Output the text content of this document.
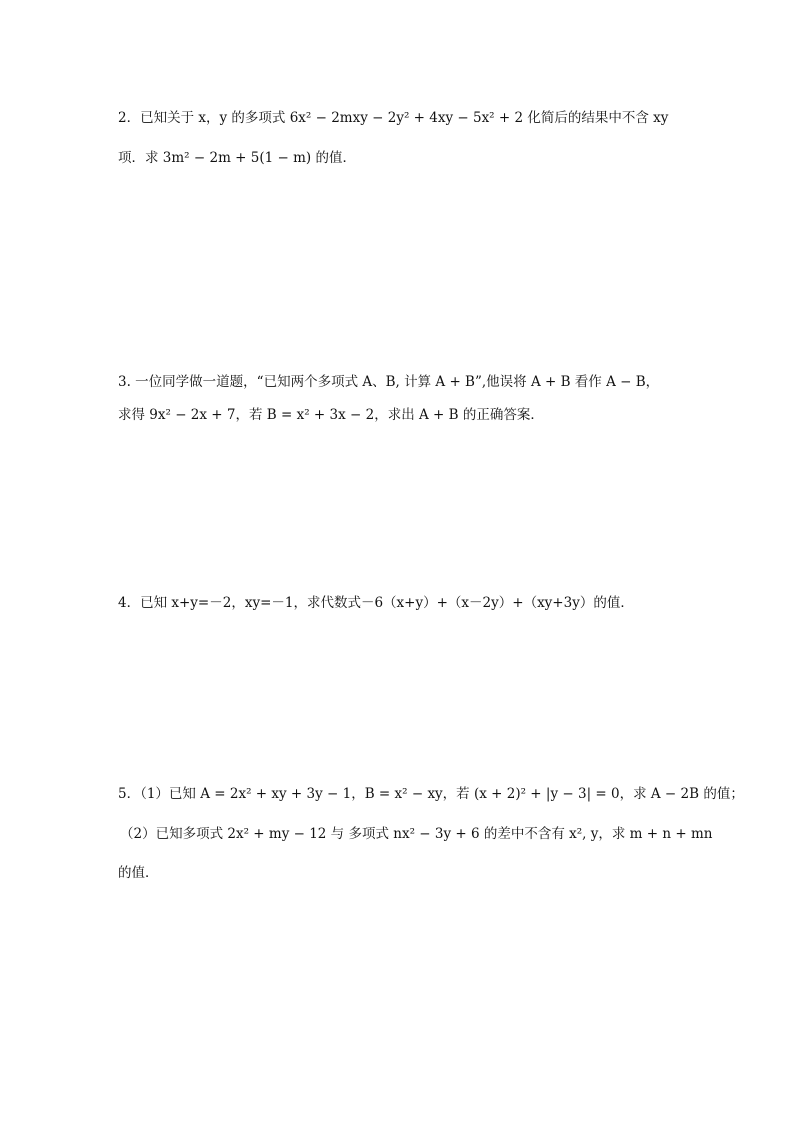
2．已知关于 x，y 的多项式 6x² − 2mxy − 2y² + 4xy − 5x² + 2 化简后的结果中不含 xy
项．求 3m² − 2m + 5(1 − m) 的值．
3. 一位同学做一道题，“已知两个多项式 A、B, 计算 A + B”,他误将 A + B 看作 A − B，
求得 9x² − 2x + 7，若 B = x² + 3x − 2，求出 A + B 的正确答案．
4．已知 x+y=－2，xy=－1，求代数式－6（x+y）+（x－2y）+（xy+3y）的值．
5．（1）已知 A = 2x² + xy + 3y − 1，B = x² − xy，若 (x + 2)² + |y − 3| = 0，求 A − 2B 的值；
（2）已知多项式 2x² + my − 12 与 多项式 nx² − 3y + 6 的差中不含有 x², y，求 m + n + mn
的值．
